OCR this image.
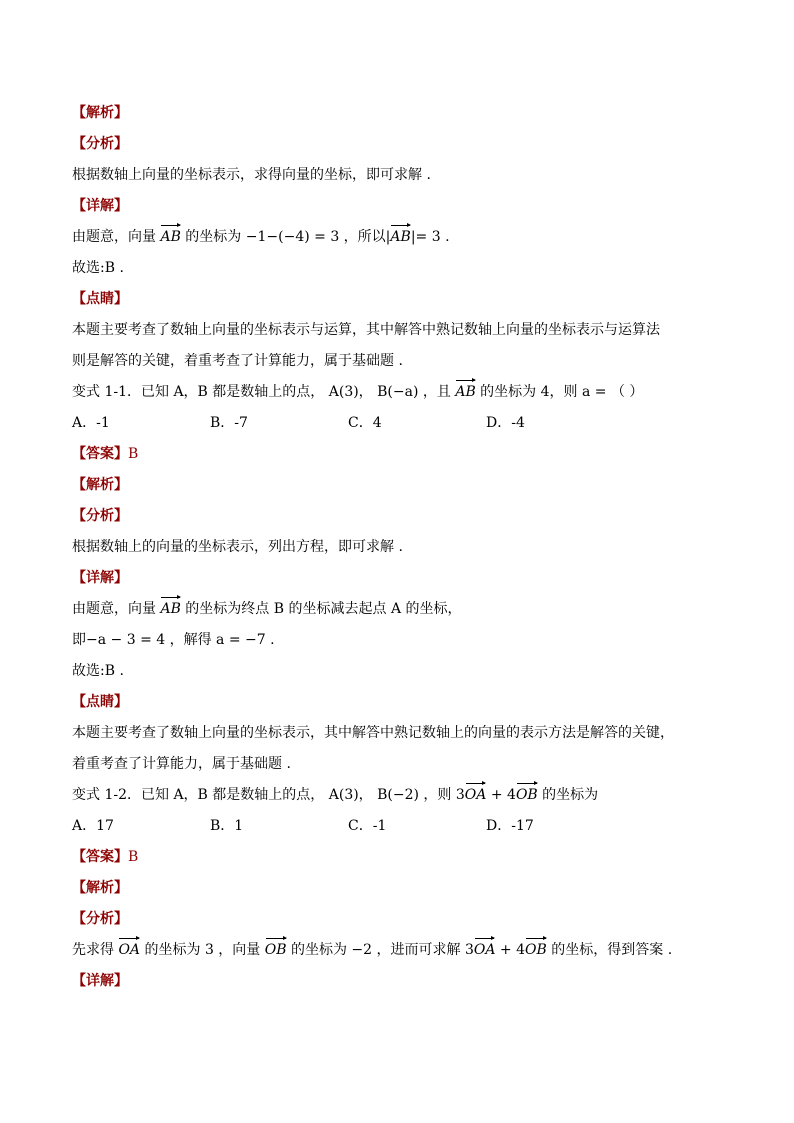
【解析】
【分析】
根据数轴上向量的坐标表示，求得向量的坐标，即可求解 .
【详解】
由题意，向量 AB 的坐标为 −1−(−4) = 3 ，所以|AB|= 3 .
故选:B .
【点睛】
本题主要考查了数轴上向量的坐标表示与运算，其中解答中熟记数轴上向量的坐标表示与运算法
则是解答的关键，着重考查了计算能力，属于基础题 .
变式 1-1．已知 A，B 都是数轴上的点， A(3)， B(−a) ，且 AB 的坐标为 4，则 a = （ ）
A．-1	B．-7	C．4	D．-4
【答案】B
【解析】
【分析】
根据数轴上的向量的坐标表示，列出方程，即可求解 .
【详解】
由题意，向量 AB 的坐标为终点 B 的坐标减去起点 A 的坐标，
即−a − 3 = 4 ，解得 a = −7 .
故选:B .
【点睛】
本题主要考查了数轴上向量的坐标表示，其中解答中熟记数轴上的向量的表示方法是解答的关键，
着重考查了计算能力，属于基础题 .
变式 1-2．已知 A，B 都是数轴上的点， A(3)， B(−2) ，则 3OA + 4OB 的坐标为
A．17	B．1	C．-1	D．-17
【答案】B
【解析】
【分析】
先求得 OA 的坐标为 3 ，向量 OB 的坐标为 −2 ，进而可求解 3OA + 4OB 的坐标，得到答案 .
【详解】
